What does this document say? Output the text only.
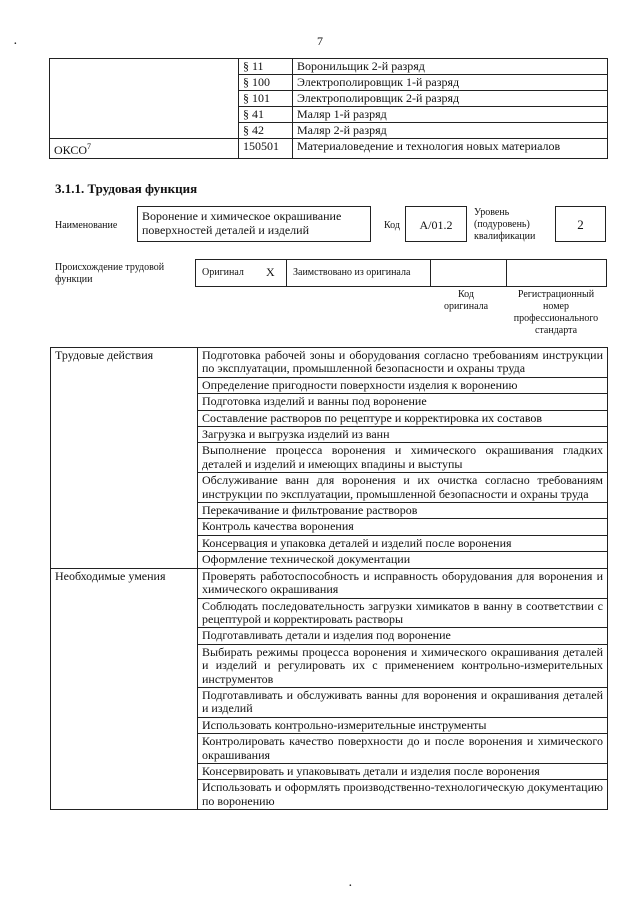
·	7
	§ 11	Воронильщик 2-й разряд
	§ 100	Электрополировщик 1-й разряд
	§ 101	Электрополировщик 2-й разряд
	§ 41	Маляр 1-й разряд
	§ 42	Маляр 2-й разряд
ОКСО$^7$	150501	Материаловедение и технология новых материалов
3.1.1. Трудовая функция
Наименование
Воронение и химическое окрашивание поверхностей деталей и изделий	Код	А/01.2
Уровень (подуровень) квалификации
2
Происхождение трудовой функции
Оригинал X Заимствовано из оригинала
Код оригинала
Регистрационный номер профессионального стандарта
Трудовые действия	Подготовка рабочей зоны и оборудования согласно требованиям инструкции по эксплуатации, промышленной безопасности и охраны труда
	Определение пригодности поверхности изделия к воронению
	Подготовка изделий и ванны под воронение
	Составление растворов по рецептуре и корректировка их составов
	Загрузка и выгрузка изделий из ванн
	Выполнение процесса воронения и химического окрашивания гладких деталей и изделий и имеющих впадины и выступы
	Обслуживание ванн для воронения и их очистка согласно требованиям инструкции по эксплуатации, промышленной безопасности и охраны труда
	Перекачивание и фильтрование растворов
	Контроль качества воронения
	Консервация и упаковка деталей и изделий после воронения
	Оформление технической документации
Необходимые умения	Проверять работоспособность и исправность оборудования для воронения и химического окрашивания
	Соблюдать последовательность загрузки химикатов в ванну в соответствии с рецептурой и корректировать растворы
	Подготавливать детали и изделия под воронение
	Выбирать режимы процесса воронения и химического окрашивания деталей и изделий и регулировать их с применением контрольно-измерительных инструментов
	Подготавливать и обслуживать ванны для воронения и окрашивания деталей и изделий
	Использовать контрольно-измерительные инструменты
	Контролировать качество поверхности до и после воронения и химического окрашивания
	Консервировать и упаковывать детали и изделия после воронения
	Использовать и оформлять производственно-технологическую документацию по воронению
·
